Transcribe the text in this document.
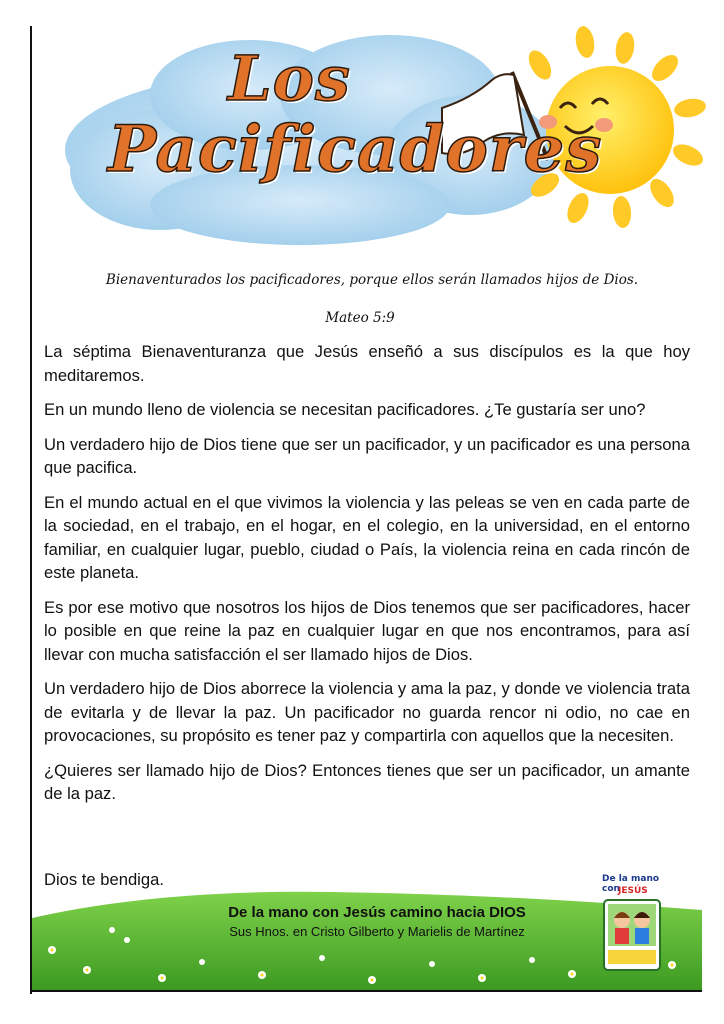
Los
Pacificadores
Bienaventurados los pacificadores, porque ellos serán llamados hijos de Dios.
Mateo 5:9

La séptima Bienaventuranza que Jesús enseñó a sus discípulos es la que hoy meditaremos.

En un mundo lleno de violencia se necesitan pacificadores. ¿Te gustaría ser uno?

Un verdadero hijo de Dios tiene que ser un pacificador, y un pacificador es una persona que pacifica.

En el mundo actual en el que vivimos la violencia y las peleas se ven en cada parte de la sociedad, en el trabajo, en el hogar, en el colegio, en la universidad, en el entorno familiar, en cualquier lugar, pueblo, ciudad o País, la violencia reina en cada rincón de este planeta.

Es por ese motivo que nosotros los hijos de Dios tenemos que ser pacificadores, hacer lo posible en que reine la paz en cualquier lugar en que nos encontramos, para así llevar con mucha satisfacción el ser llamado hijos de Dios.

Un verdadero hijo de Dios aborrece la violencia y ama la paz, y donde ve violencia trata de evitarla y de llevar la paz. Un pacificador no guarda rencor ni odio, no cae en provocaciones, su propósito es tener paz y compartirla con aquellos que la necesiten.

¿Quieres ser llamado hijo de Dios? Entonces tienes que ser un pacificador, un amante de la paz.

Dios te bendiga.
De la mano con Jesús camino hacia DIOS
Sus Hnos. en Cristo Gilberto y Marielis de Martínez
De la mano con
JESÚS
